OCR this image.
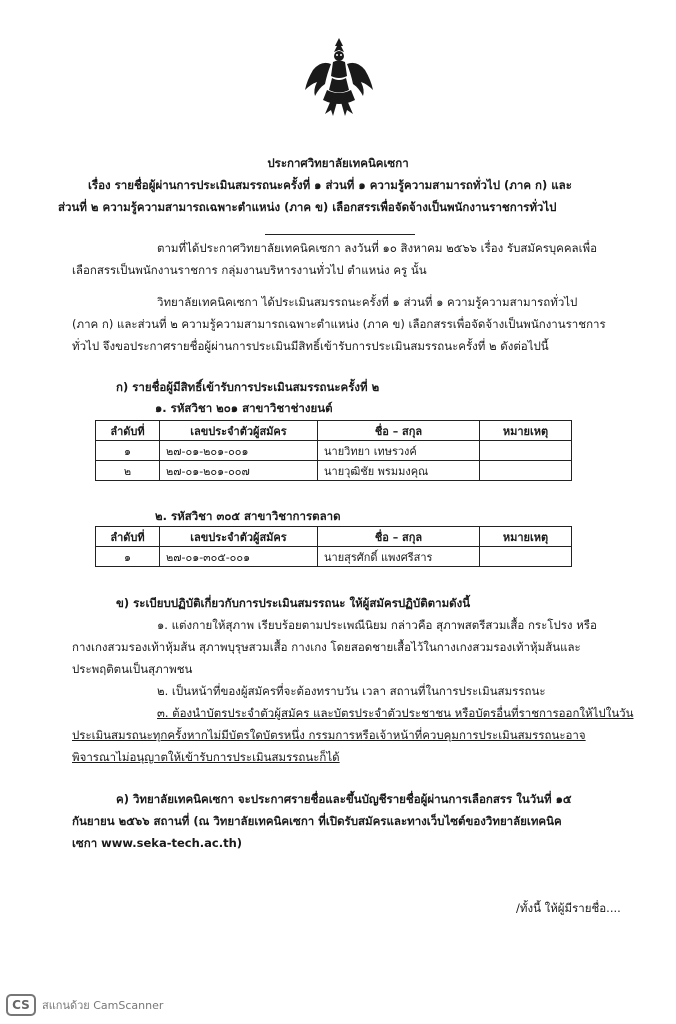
ประกาศวิทยาลัยเทคนิคเซกา
เรื่อง รายชื่อผู้ผ่านการประเมินสมรรถนะครั้งที่ ๑ ส่วนที่ ๑ ความรู้ความสามารถทั่วไป (ภาค ก) และ
ส่วนที่ ๒ ความรู้ความสามารถเฉพาะตำแหน่ง (ภาค ข) เลือกสรรเพื่อจัดจ้างเป็นพนักงานราชการทั่วไป
ตามที่ได้ประกาศวิทยาลัยเทคนิคเซกา ลงวันที่ ๑๐ สิงหาคม ๒๕๖๖ เรื่อง รับสมัครบุคคลเพื่อ
เลือกสรรเป็นพนักงานราชการ กลุ่มงานบริหารงานทั่วไป ตำแหน่ง ครู นั้น
วิทยาลัยเทคนิคเซกา ได้ประเมินสมรรถนะครั้งที่ ๑ ส่วนที่ ๑ ความรู้ความสามารถทั่วไป
(ภาค ก) และส่วนที่ ๒ ความรู้ความสามารถเฉพาะตำแหน่ง (ภาค ข) เลือกสรรเพื่อจัดจ้างเป็นพนักงานราชการ
ทั่วไป จึงขอประกาศรายชื่อผู้ผ่านการประเมินมีสิทธิ์เข้ารับการประเมินสมรรถนะครั้งที่ ๒ ดังต่อไปนี้
ก) รายชื่อผู้มีสิทธิ์เข้ารับการประเมินสมรรถนะครั้งที่ ๒
๑. รหัสวิชา ๒๐๑ สาขาวิชาช่างยนต์
ลำดับที่	เลขประจำตัวผู้สมัคร	ชื่อ – สกุล	หมายเหตุ
๑	๒๗-๐๑-๒๐๑-๐๐๑	นายวิทยา เทษรวงค์	
๒	๒๗-๐๑-๒๐๑-๐๐๗	นายวุฒิชัย พรมมงคุณ	
๒. รหัสวิชา ๓๐๕ สาขาวิชาการตลาด
ลำดับที่	เลขประจำตัวผู้สมัคร	ชื่อ – สกุล	หมายเหตุ
๑	๒๗-๐๑-๓๐๕-๐๐๑	นายสุรศักดิ์ แพงศรีสาร	
ข) ระเบียบปฏิบัติเกี่ยวกับการประเมินสมรรถนะ ให้ผู้สมัครปฏิบัติตามดังนี้
๑. แต่งกายให้สุภาพ เรียบร้อยตามประเพณีนิยม กล่าวคือ สุภาพสตรีสวมเสื้อ กระโปรง หรือ
กางเกงสวมรองเท้าหุ้มส้น สุภาพบุรุษสวมเสื้อ กางเกง โดยสอดชายเสื้อไว้ในกางเกงสวมรองเท้าหุ้มส้นและ
ประพฤติตนเป็นสุภาพชน
๒. เป็นหน้าที่ของผู้สมัครที่จะต้องทราบวัน เวลา สถานที่ในการประเมินสมรรถนะ
๓. ต้องนำบัตรประจำตัวผู้สมัคร และบัตรประจำตัวประชาชน หรือบัตรอื่นที่ราชการออกให้ไปในวัน
ประเมินสมรถนะทุกครั้งหากไม่มีบัตรใดบัตรหนึ่ง กรรมการหรือเจ้าหน้าที่ควบคุมการประเมินสมรรถนะอาจ
พิจารณาไม่อนุญาตให้เข้ารับการประเมินสมรรถนะก็ได้
ค) วิทยาลัยเทคนิคเซกา จะประกาศรายชื่อและขึ้นบัญชีรายชื่อผู้ผ่านการเลือกสรร ในวันที่ ๑๕
กันยายน ๒๕๖๖ สถานที่ (ณ วิทยาลัยเทคนิคเซกา ที่เปิดรับสมัครและทางเว็บไซต์ของวิทยาลัยเทคนิค
เซกา www.seka-tech.ac.th)
/ทั้งนี้ ให้ผู้มีรายชื่อ....
CS	สแกนด้วย CamScanner
